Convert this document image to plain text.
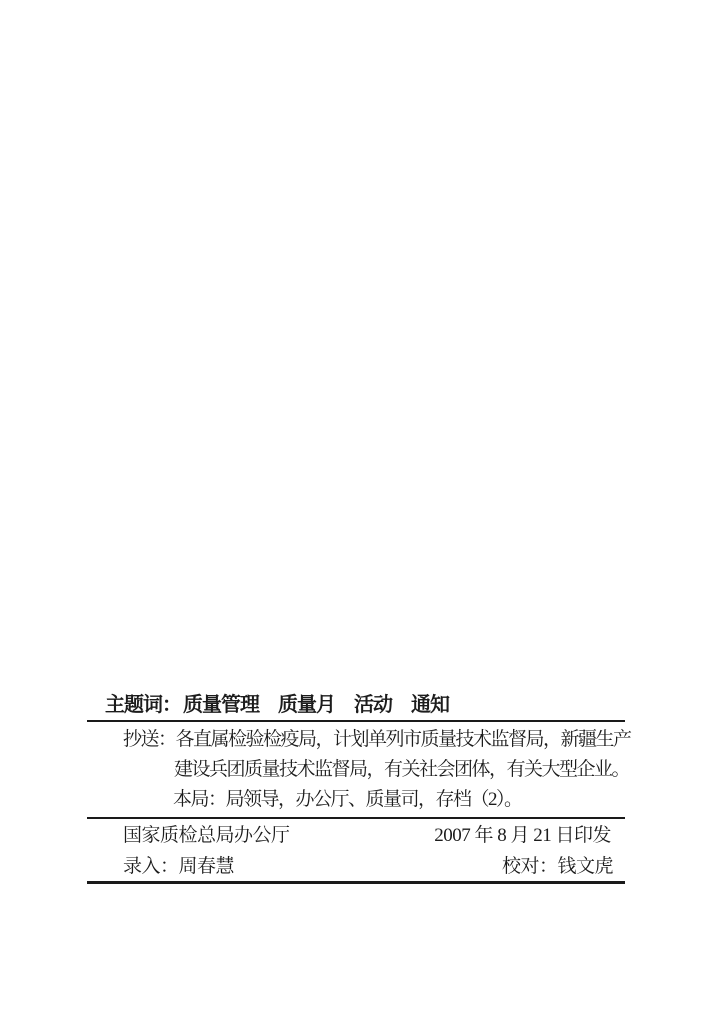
主题词： 质量管理　质量月　活动　通知
抄送：各直属检验检疫局，计划单列市质量技术监督局，新疆生产
建设兵团质量技术监督局，有关社会团体，有关大型企业。
本局：局领导，办公厅、质量司，存档（2）。
国家质检总局办公厅	2007 年 8 月 21 日印发
录入：周春慧	校对：钱文虎
